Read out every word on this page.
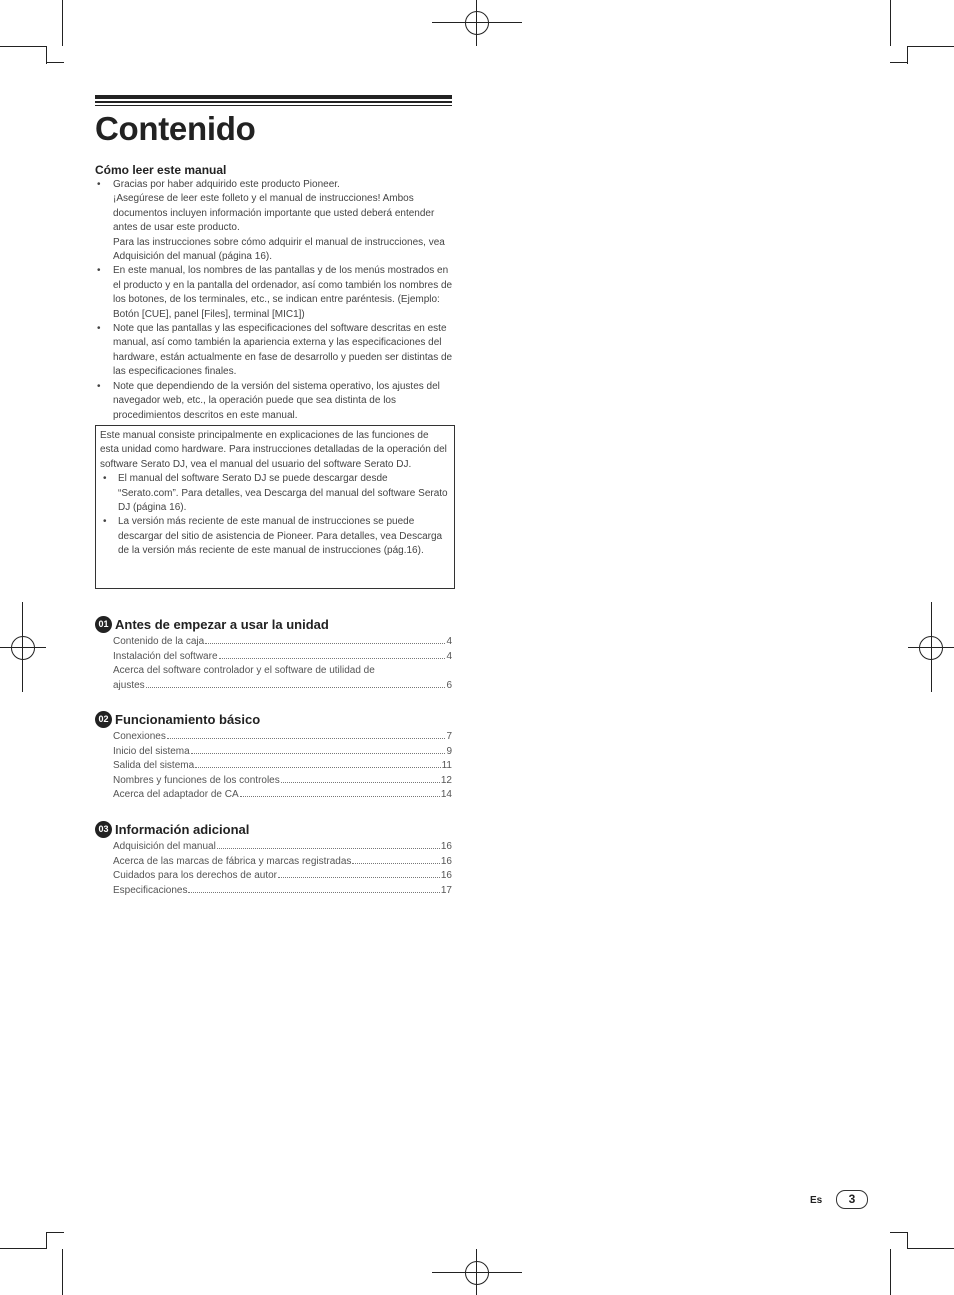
Contenido
Cómo leer este manual
• Gracias por haber adquirido este producto Pioneer.
¡Asegúrese de leer este folleto y el manual de instrucciones! Ambos documentos incluyen información importante que usted deberá entender antes de usar este producto.
Para las instrucciones sobre cómo adquirir el manual de instrucciones, vea Adquisición del manual (página 16).
• En este manual, los nombres de las pantallas y de los menús mostrados en el producto y en la pantalla del ordenador, así como también los nombres de los botones, de los terminales, etc., se indican entre paréntesis. (Ejemplo: Botón [CUE], panel [Files], terminal [MIC1])
• Note que las pantallas y las especificaciones del software descritas en este manual, así como también la apariencia externa y las especificaciones del hardware, están actualmente en fase de desarrollo y pueden ser distintas de las especificaciones finales.
• Note que dependiendo de la versión del sistema operativo, los ajustes del navegador web, etc., la operación puede que sea distinta de los procedimientos descritos en este manual.
Este manual consiste principalmente en explicaciones de las funciones de esta unidad como hardware. Para instrucciones detalladas de la operación del software Serato DJ, vea el manual del usuario del software Serato DJ.
• El manual del software Serato DJ se puede descargar desde “Serato.com”. Para detalles, vea Descarga del manual del software Serato DJ (página 16).
• La versión más reciente de este manual de instrucciones se puede descargar del sitio de asistencia de Pioneer. Para detalles, vea Descarga de la versión más reciente de este manual de instrucciones (pág.16).
01 Antes de empezar a usar la unidad
Contenido de la caja	4
Instalación del software	4
Acerca del software controlador y el software de utilidad de
ajustes	6
02 Funcionamiento básico
Conexiones	7
Inicio del sistema	9
Salida del sistema	11
Nombres y funciones de los controles	12
Acerca del adaptador de CA	14
03 Información adicional
Adquisición del manual	16
Acerca de las marcas de fábrica y marcas registradas	16
Cuidados para los derechos de autor	16
Especificaciones	17
Es	3
